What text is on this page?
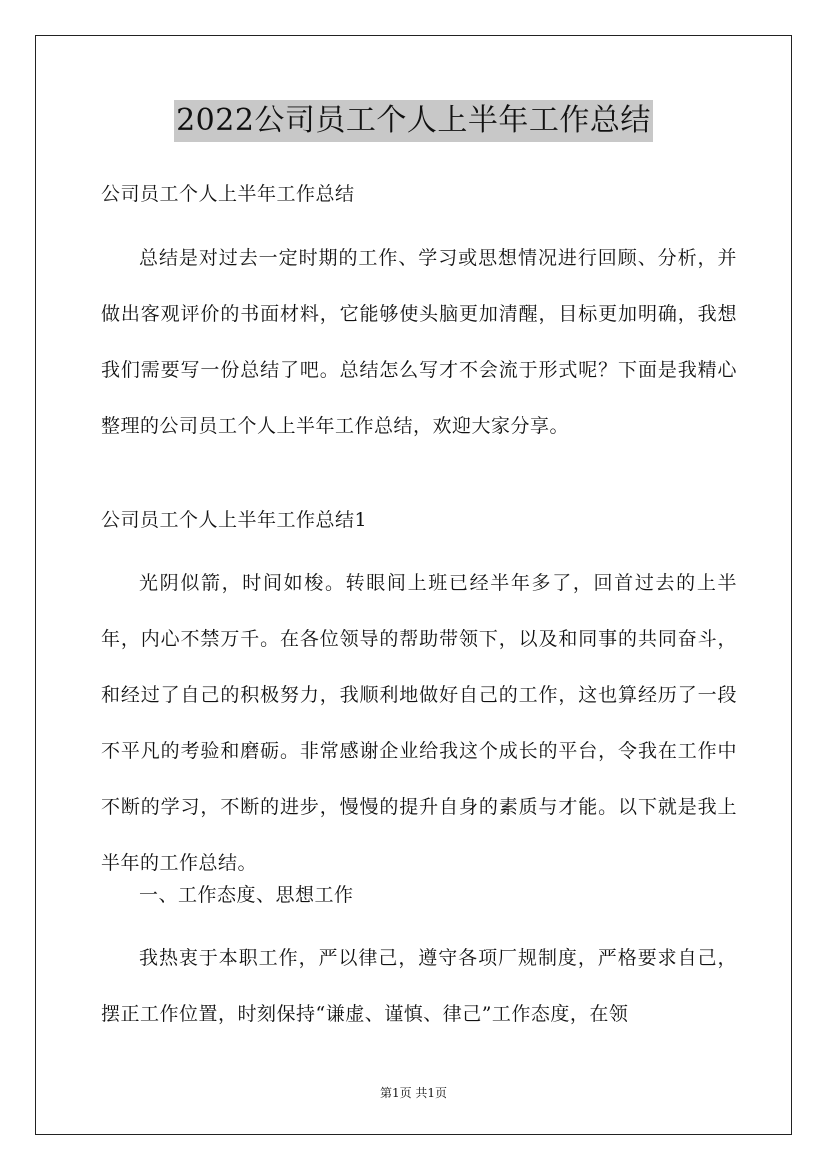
2022公司员工个人上半年工作总结

公司员工个人上半年工作总结

总结是对过去一定时期的工作、学习或思想情况进行回顾、分析，并做出客观评价的书面材料，它能够使头脑更加清醒，目标更加明确，我想我们需要写一份总结了吧。总结怎么写才不会流于形式呢？下面是我精心整理的公司员工个人上半年工作总结，欢迎大家分享。

公司员工个人上半年工作总结1

光阴似箭，时间如梭。转眼间上班已经半年多了，回首过去的上半年，内心不禁万千。在各位领导的帮助带领下，以及和同事的共同奋斗，和经过了自己的积极努力，我顺利地做好自己的工作，这也算经历了一段不平凡的考验和磨砺。非常感谢企业给我这个成长的平台，令我在工作中不断的学习，不断的进步，慢慢的提升自身的素质与才能。以下就是我上半年的工作总结。

一、工作态度、思想工作

我热衷于本职工作，严以律己，遵守各项厂规制度，严格要求自己，摆正工作位置，时刻保持“谦虚、谨慎、律己”工作态度，在领

第1页 共1页
